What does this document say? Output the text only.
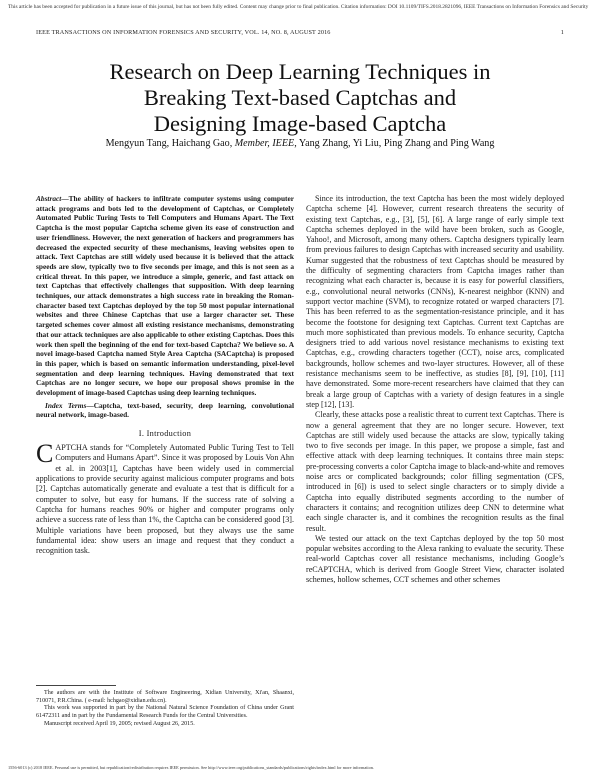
This article has been accepted for publication in a future issue of this journal, but has not been fully edited. Content may change prior to final publication. Citation information: DOI 10.1109/TIFS.2018.2821096, IEEE Transactions on Information Forensics and Security
IEEE TRANSACTIONS ON INFORMATION FORENSICS AND SECURITY, VOL. 14, NO. 8, AUGUST 2016	1
Research on Deep Learning Techniques in
Breaking Text-based Captchas and
Designing Image-based Captcha
Mengyun Tang, Haichang Gao, Member, IEEE, Yang Zhang, Yi Liu, Ping Zhang and Ping Wang

Abstract—The ability of hackers to infiltrate computer systems using computer attack programs and bots led to the development of Captchas, or Completely Automated Public Turing Tests to Tell Computers and Humans Apart. The Text Captcha is the most popular Captcha scheme given its ease of construction and user friendliness. However, the next generation of hackers and programmers has decreased the expected security of these mechanisms, leaving websites open to attack. Text Captchas are still widely used because it is believed that the attack speeds are slow, typically two to five seconds per image, and this is not seen as a critical threat. In this paper, we introduce a simple, generic, and fast attack on text Captchas that effectively challenges that supposition. With deep learning techniques, our attack demonstrates a high success rate in breaking the Roman-character based text Captchas deployed by the top 50 most popular international websites and three Chinese Captchas that use a larger character set. These targeted schemes cover almost all existing resistance mechanisms, demonstrating that our attack techniques are also applicable to other existing Captchas. Does this work then spell the beginning of the end for text-based Captcha? We believe so. A novel image-based Captcha named Style Area Captcha (SACaptcha) is proposed in this paper, which is based on semantic information understanding, pixel-level segmentation and deep learning techniques. Having demonstrated that text Captchas are no longer secure, we hope our proposal shows promise in the development of image-based Captchas using deep learning techniques.

Index Terms—Captcha, text-based, security, deep learning, convolutional neural network, image-based.

I. Introduction

CAPTCHA stands for “Completely Automated Public Turing Test to Tell Computers and Humans Apart”. Since it was proposed by Louis Von Ahn et al. in 2003[1], Captchas have been widely used in commercial applications to provide security against malicious computer programs and bots [2]. Captchas automatically generate and evaluate a test that is difficult for a computer to solve, but easy for humans. If the success rate of solving a Captcha for humans reaches 90% or higher and computer programs only achieve a success rate of less than 1%, the Captcha can be considered good [3]. Multiple variations have been proposed, but they always use the same fundamental idea: show users an image and request that they conduct a recognition task.

The authors are with the Institute of Software Engineering, Xidian University, Xi'an, Shaanxi, 710071, P.R.China. ( e-mail: hchgao@xidian.edu.cn).

This work was supported in part by the National Natural Science Foundation of China under Grant 61472311 and in part by the Fundamental Research Funds for the Central Universities.

Manuscript received April 19, 2005; revised August 26, 2015.

Since its introduction, the text Captcha has been the most widely deployed Captcha scheme [4]. However, current research threatens the security of existing text Captchas, e.g., [3], [5], [6]. A large range of early simple text Captcha schemes deployed in the wild have been broken, such as Google, Yahoo!, and Microsoft, among many others. Captcha designers typically learn from previous failures to design Captchas with increased security and usability. Kumar suggested that the robustness of text Captchas should be measured by the difficulty of segmenting characters from Captcha images rather than recognizing what each character is, because it is easy for powerful classifiers, e.g., convolutional neural networks (CNNs), K-nearest neighbor (KNN) and support vector machine (SVM), to recognize rotated or warped characters [7]. This has been referred to as the segmentation-resistance principle, and it has become the footstone for designing text Captchas. Current text Captchas are much more sophisticated than previous models. To enhance security, Captcha designers tried to add various novel resistance mechanisms to existing text Captchas, e.g., crowding characters together (CCT), noise arcs, complicated backgrounds, hollow schemes and two-layer structures. However, all of these resistance mechanisms seem to be ineffective, as studies [8], [9], [10], [11] have demonstrated. Some more-recent researchers have claimed that they can break a large group of Captchas with a variety of design features in a single step [12], [13].

Clearly, these attacks pose a realistic threat to current text Captchas. There is now a general agreement that they are no longer secure. However, text Captchas are still widely used because the attacks are slow, typically taking two to five seconds per image. In this paper, we propose a simple, fast and effective attack with deep learning techniques. It contains three main steps: pre-processing converts a color Captcha image to black-and-white and removes noise arcs or complicated backgrounds; color filling segmentation (CFS, introduced in [6]) is used to select single characters or to simply divide a Captcha into equally distributed segments according to the number of characters it contains; and recognition utilizes deep CNN to determine what each single character is, and it combines the recognition results as the final result.

We tested our attack on the text Captchas deployed by the top 50 most popular websites according to the Alexa ranking to evaluate the security. These real-world Captchas cover all resistance mechanisms, including Google’s reCAPTCHA, which is derived from Google Street View, character isolated schemes, hollow schemes, CCT schemes and other schemes

1556-6013 (c) 2018 IEEE. Personal use is permitted, but republication/redistribution requires IEEE permission. See http://www.ieee.org/publications_standards/publications/rights/index.html for more information.
